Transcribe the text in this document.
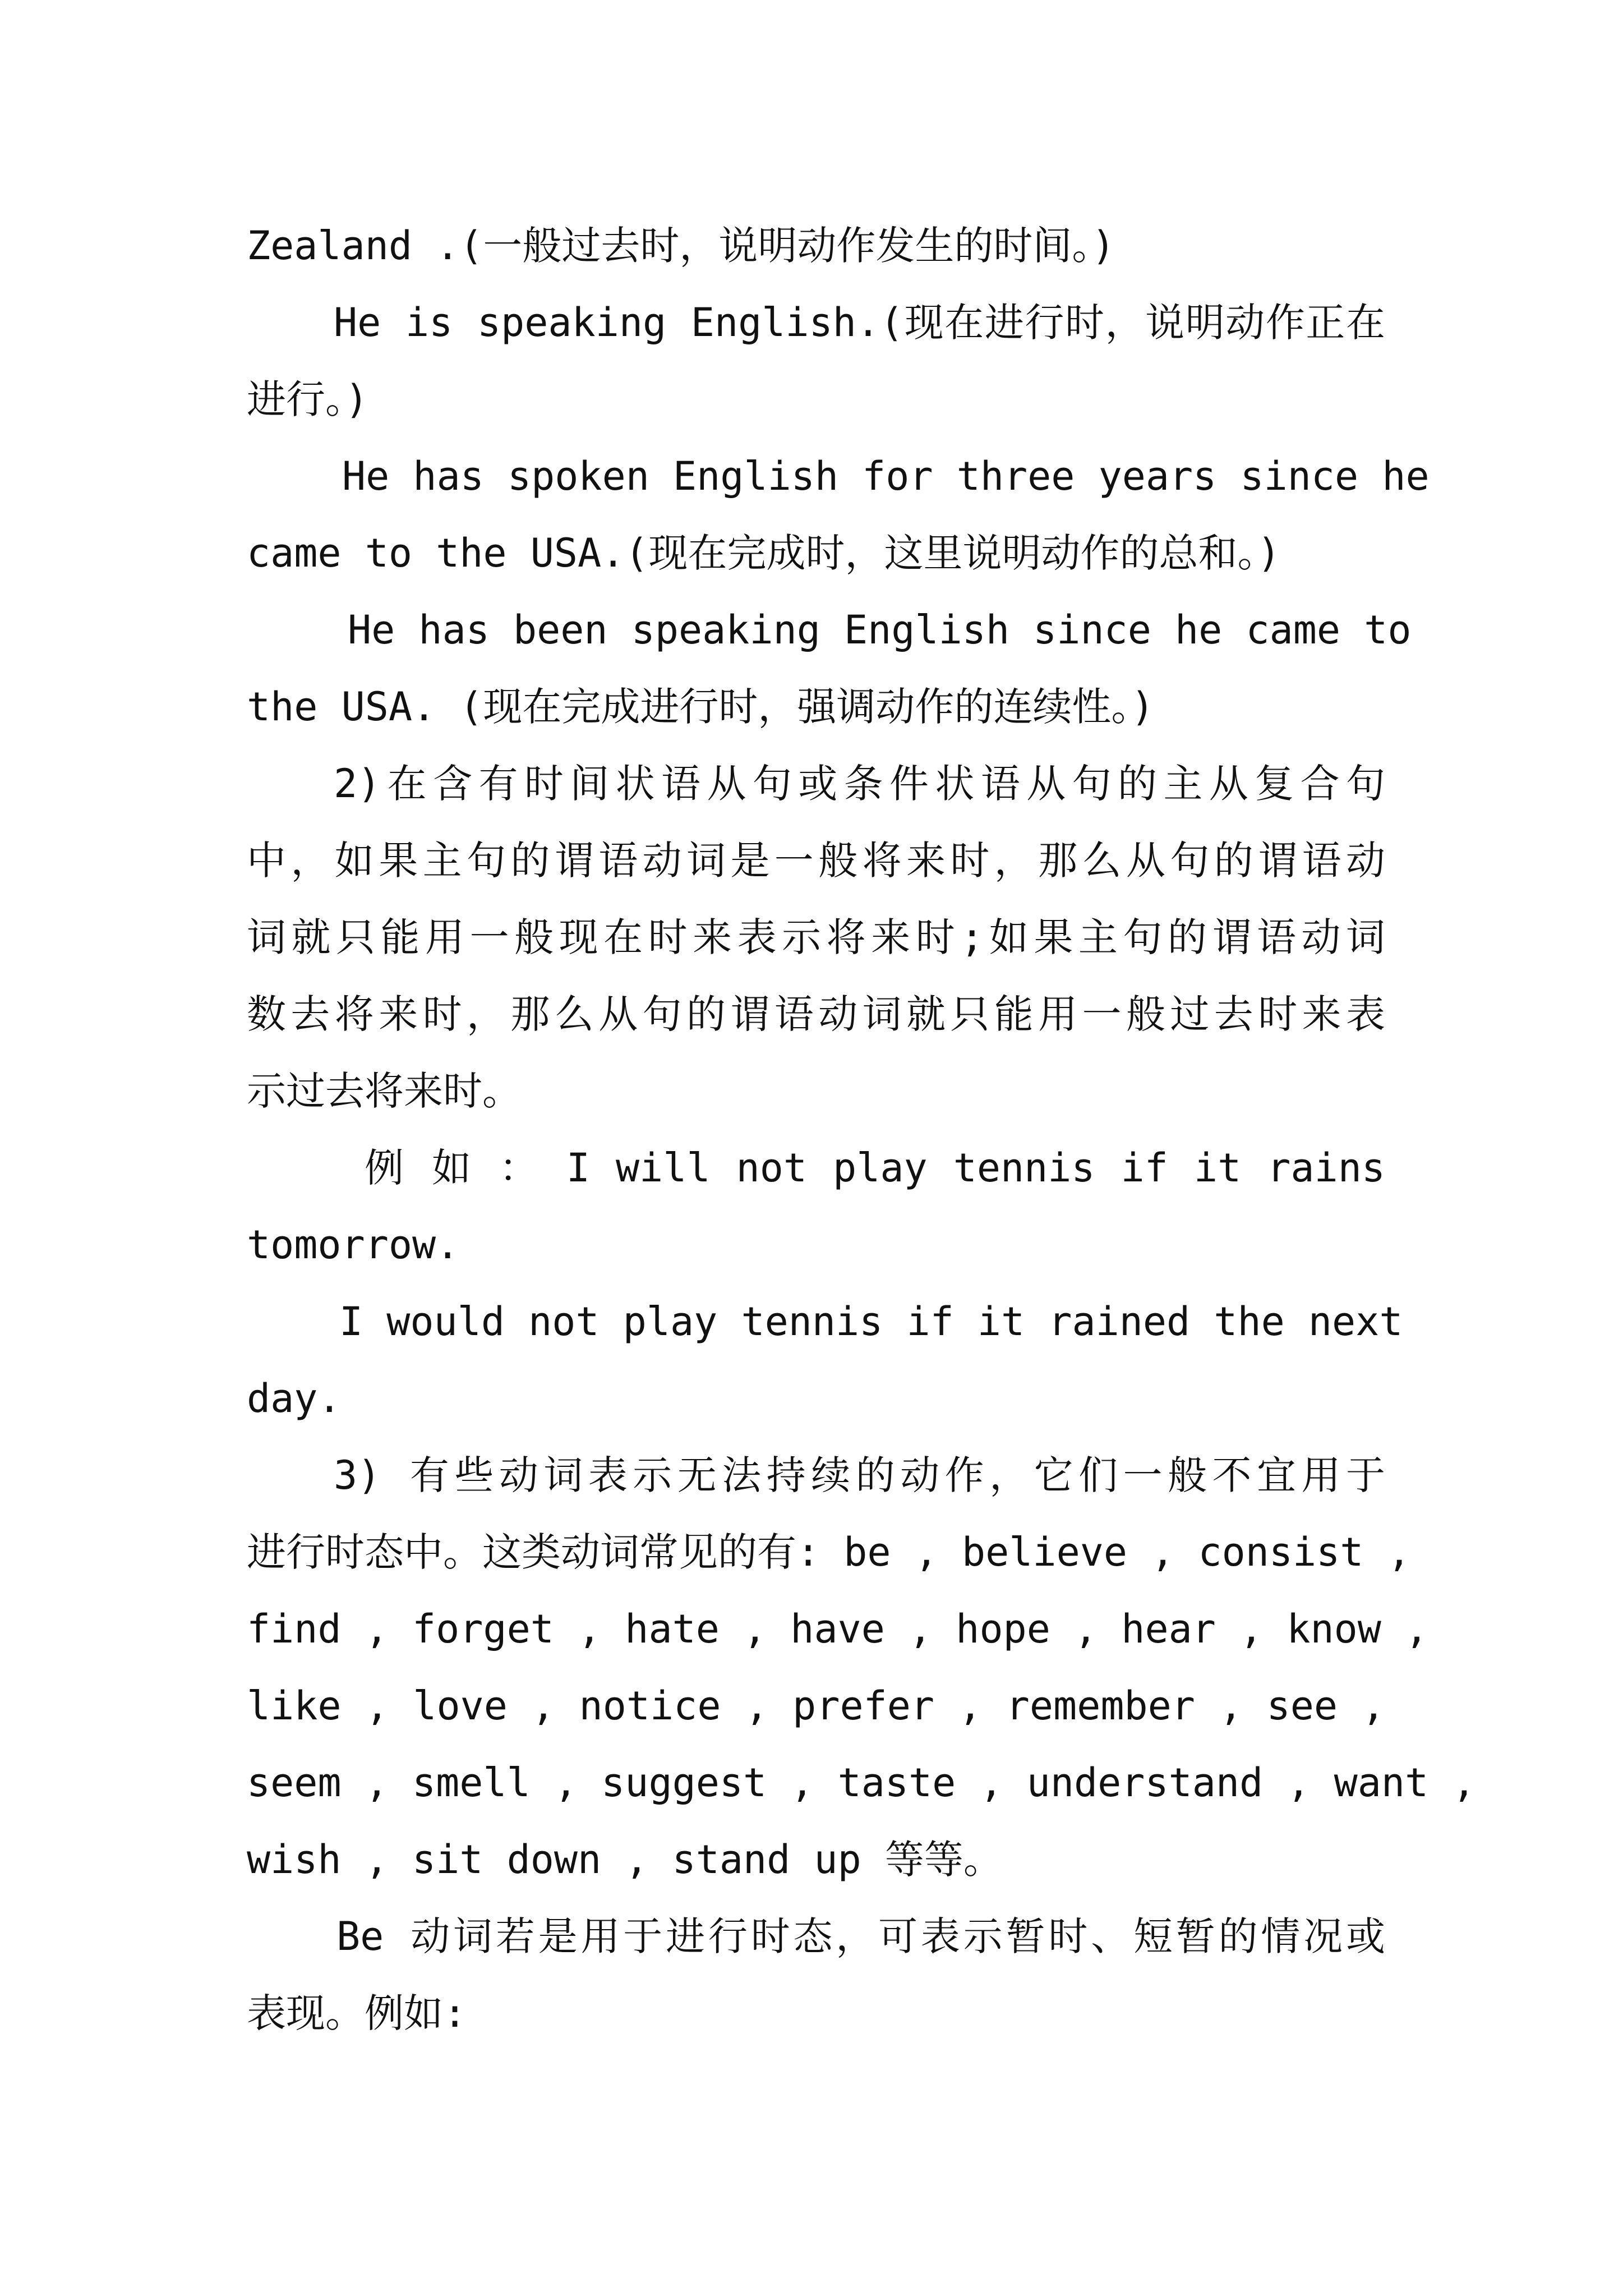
Zealand .(一般过去时，说明动作发生的时间。)
He is speaking English.(现在进行时，说明动作正在
进行。)
He has spoken English for three years since he
came to the USA.(现在完成时，这里说明动作的总和。)
He has been speaking English since he came to
the USA. (现在完成进行时，强调动作的连续性。)
2)在含有时间状语从句或条件状语从句的主从复合句
中，如果主句的谓语动词是一般将来时，那么从句的谓语动
词就只能用一般现在时来表示将来时;如果主句的谓语动词
数去将来时，那么从句的谓语动词就只能用一般过去时来表
示过去将来时。
例 如 ： I will not play tennis if it rains
tomorrow.
I would not play tennis if it rained the next
day.
3) 有些动词表示无法持续的动作，它们一般不宜用于
进行时态中。这类动词常见的有: be , believe , consist ,
find , forget , hate , have , hope , hear , know ,
like , love , notice , prefer , remember , see ,
seem , smell , suggest , taste , understand , want ,
wish , sit down , stand up 等等。
Be 动词若是用于进行时态，可表示暂时、短暂的情况或
表现。例如:
